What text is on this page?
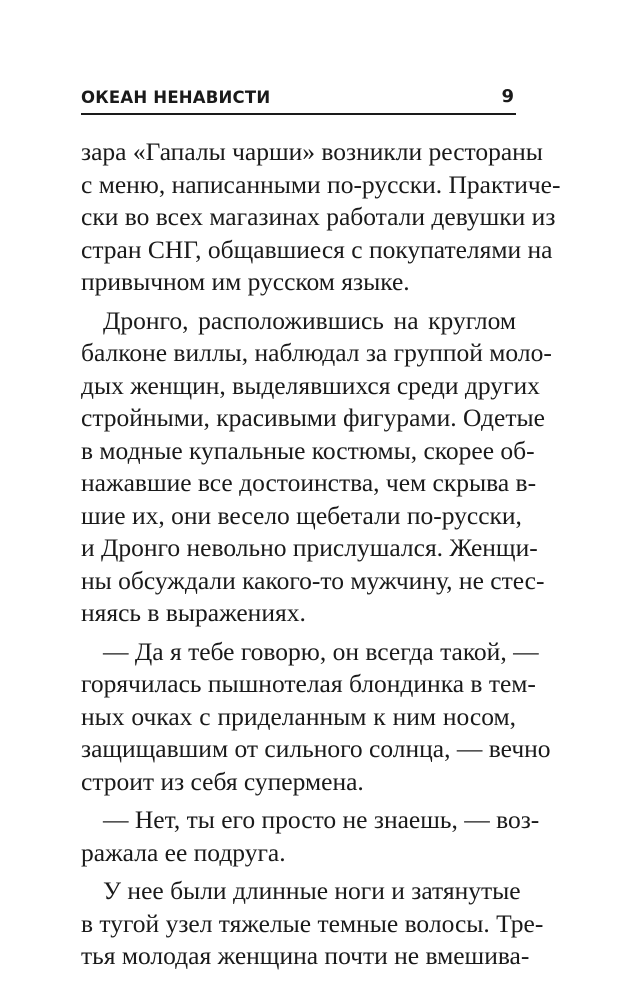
ОКЕАН НЕНАВИСТИ	9
зара «Гапалы чарши» возникли рестораны
с меню, написанными по-русски. Практиче-
ски во всех магазинах работали девушки из
стран СНГ, общавшиеся с покупателями на
привычном им русском языке.
Дронго, расположившись на круглом
балконе виллы, наблюдал за группой моло-
дых женщин, выделявшихся среди других
стройными, красивыми фигурами. Одетые
в модные купальные костюмы, скорее об-
нажавшие все достоинства, чем скрыва в-
шие их, они весело щебетали по-русски,
и Дронго невольно прислушался. Женщи-
ны обсуждали какого-то мужчину, не стес-
няясь в выражениях.
— Да я тебе говорю, он всегда такой, —
горячилась пышнотелая блондинка в тем-
ных очках с приделанным к ним носом,
защищавшим от сильного солнца, — вечно
строит из себя супермена.
— Нет, ты его просто не знаешь, — воз-
ражала ее подруга.
У нее были длинные ноги и затянутые
в тугой узел тяжелые темные волосы. Тре-
тья молодая женщина почти не вмешива-
